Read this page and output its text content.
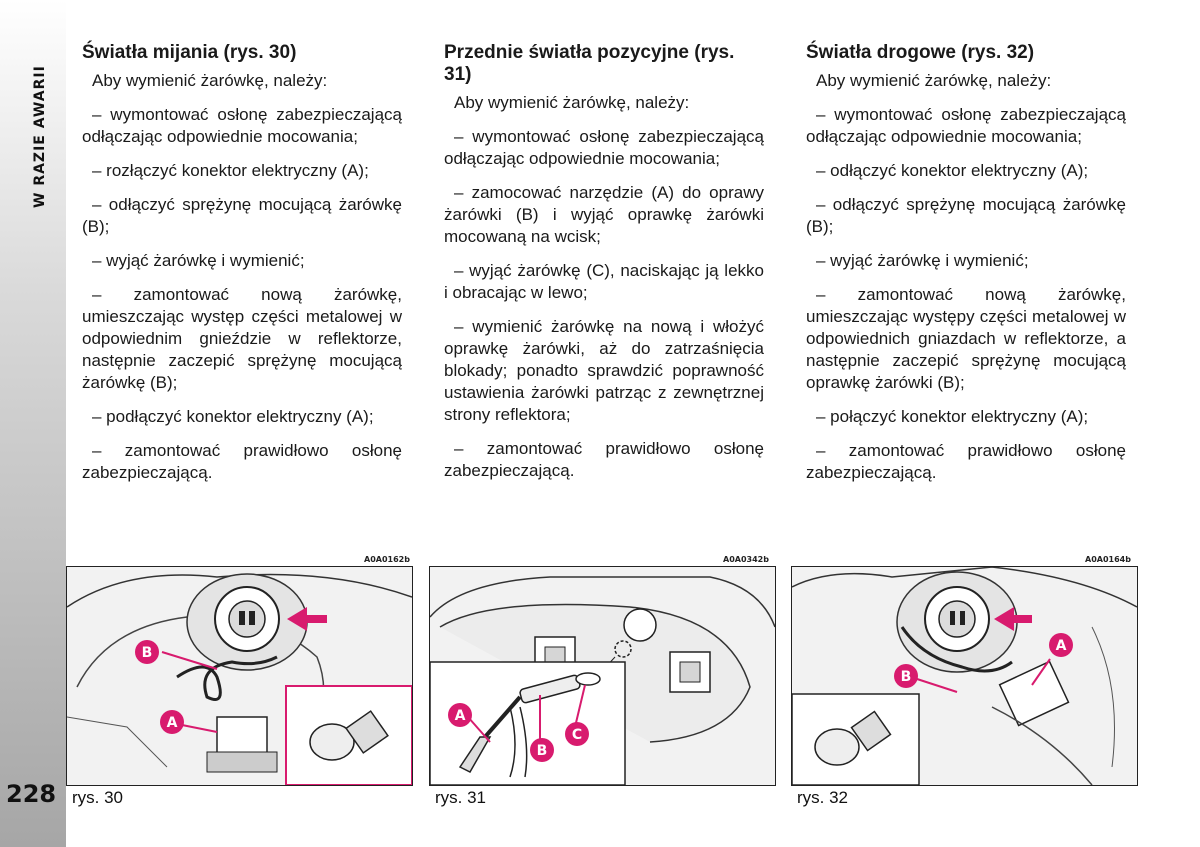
W RAZIE AWARII
228
Światła mijania (rys. 30)

Aby wymienić żarówkę, należy:

– wymontować osłonę zabezpieczającą odłączając odpowiednie mocowania;

– rozłączyć konektor elektryczny (A);

– odłączyć sprężynę mocującą żarówkę (B);

– wyjąć żarówkę i wymienić;

– zamontować nową żarówkę, umieszczając występ części metalowej w odpowiednim gnieździe w reflektorze, następnie zaczepić sprężynę mocującą żarówkę (B);

– podłączyć konektor elektryczny (A);

– zamontować prawidłowo osłonę zabezpieczającą.

Przednie światła pozycyjne (rys. 31)

Aby wymienić żarówkę, należy:

– wymontować osłonę zabezpieczającą odłączając odpowiednie mocowania;

– zamocować narzędzie (A) do oprawy żarówki (B) i wyjąć oprawkę żarówki mocowaną na wcisk;

– wyjąć żarówkę (C), naciskając ją lekko i obracając w lewo;

– wymienić żarówkę na nową i włożyć oprawkę żarówki, aż do zatrzaśnięcia blokady; ponadto sprawdzić poprawność ustawienia żarówki patrząc z zewnętrznej strony reflektora;

– zamontować prawidłowo osłonę zabezpieczającą.

Światła drogowe (rys. 32)

Aby wymienić żarówkę, należy:

– wymontować osłonę zabezpieczającą odłączając odpowiednie mocowania;

– odłączyć konektor elektryczny (A);

– odłączyć sprężynę mocującą żarówkę (B);

– wyjąć żarówkę i wymienić;

– zamontować nową żarówkę, umieszczając występy części metalowej w odpowiednich gniazdach w reflektorze, a następnie zaczepić sprężynę mocującą oprawkę żarówki (B);

– połączyć konektor elektryczny (A);

– zamontować prawidłowo osłonę zabezpieczającą.

A0A0162b	A0A0342b	A0A0164b
B
A	A
B
C
A
B
rys. 30	rys. 31	rys. 32
